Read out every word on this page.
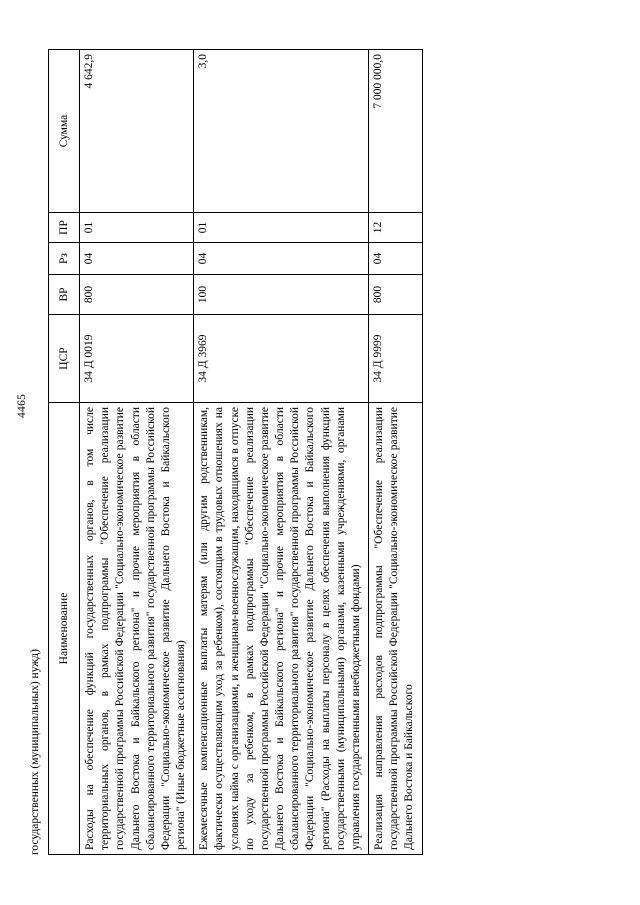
4465
государственных (муниципальных) нужд)
Наименование	ЦСР	ВР	Рз	ПР	Сумма
Расходы на обеспечение функций государственных органов, в том числе территориальных органов, в рамках подпрограммы "Обеспечение реализации государственной программы Российской Федерации "Социально-экономическое развитие Дальнего Востока и Байкальского региона" и прочие мероприятия в области сбалансированного территориального развития" государственной программы Российской Федерации "Социально-экономическое развитие Дальнего Востока и Байкальского региона" (Иные бюджетные ассигнования)	34 Д 0019	800	04	01	4 642,9
Ежемесячные компенсационные выплаты матерям (или другим родственникам, фактически осуществляющим уход за ребенком), состоящим в трудовых отношениях на условиях найма с организациями, и женщинам-военнослужащим, находящимся в отпуске по уходу за ребенком, в рамках подпрограммы "Обеспечение реализации государственной программы Российской Федерации "Социально-экономическое развитие Дальнего Востока и Байкальского региона" и прочие мероприятия в области сбалансированного территориального развития" государственной программы Российской Федерации "Социально-экономическое развитие Дальнего Востока и Байкальского региона" (Расходы на выплаты персоналу в целях обеспечения выполнения функций государственными (муниципальными) органами, казенными учреждениями, органами управления государственными внебюджетными фондами)	34 Д 3969	100	04	01	3,0
Реализация направления расходов подпрограммы "Обеспечение реализации государственной программы Российской Федерации "Социально-экономическое развитие Дальнего Востока и Байкальского	34 Д 9999	800	04	12	7 000 000,0
